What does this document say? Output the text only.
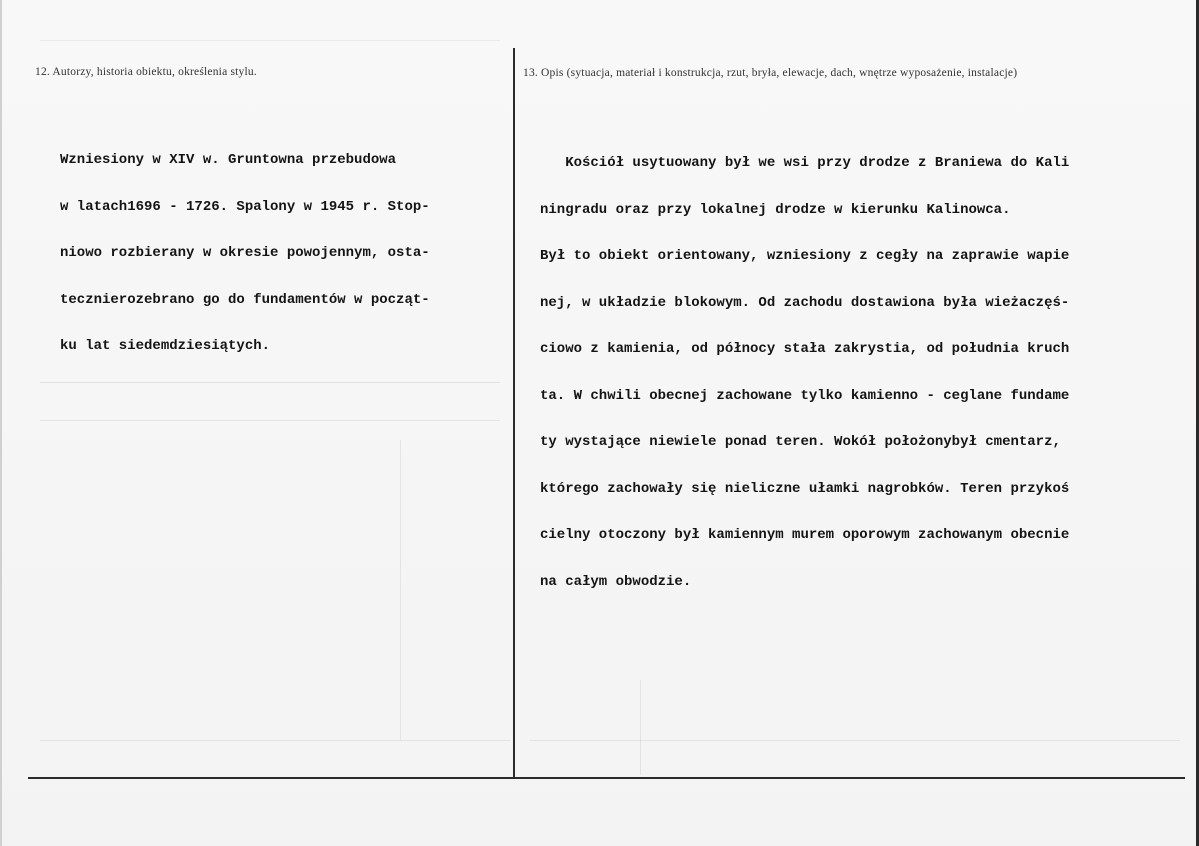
12. Autorzy, historia obiektu, określenia stylu.	13. Opis (sytuacja, materiał i konstrukcja, rzut, bryła, elewacje, dach, wnętrze wyposażenie, instalacje)

Wzniesiony w XIV w. Gruntowna przebudowa

w latach1696 - 1726. Spalony w 1945 r. Stop-

niowo rozbierany w okresie powojennym, osta-

tecznierozebrano go do fundamentów w począt-

ku lat siedemdziesiątych.

Kościół usytuowany był we wsi przy drodze z Braniewa do Kali

ningradu oraz przy lokalnej drodze w kierunku Kalinowca.

Był to obiekt orientowany, wzniesiony z cegły na zaprawie wapie

nej, w układzie blokowym. Od zachodu dostawiona była wieżaczęś-

ciowo z kamienia, od północy stała zakrystia, od południa kruch

ta. W chwili obecnej zachowane tylko kamienno - ceglane fundame

ty wystające niewiele ponad teren. Wokół położonybył cmentarz,

którego zachowały się nieliczne ułamki nagrobków. Teren przykoś

cielny otoczony był kamiennym murem oporowym zachowanym obecnie

na całym obwodzie.
